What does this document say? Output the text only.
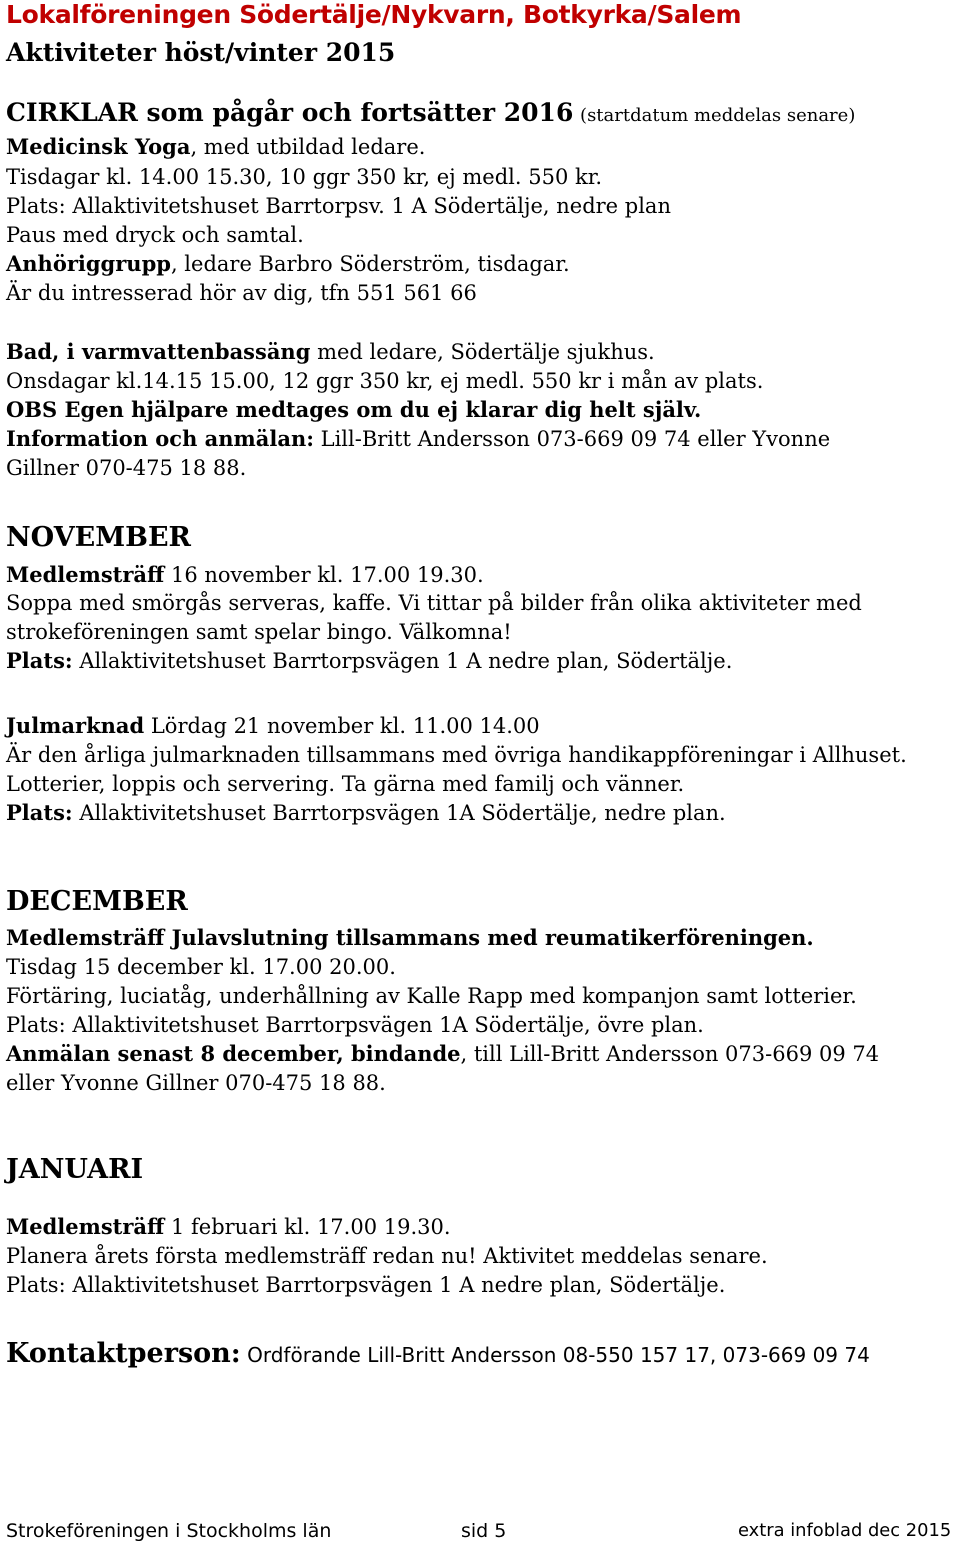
Lokalföreningen Södertälje/Nykvarn, Botkyrka/Salem
Aktiviteter höst/vinter 2015
CIRKLAR som pågår och fortsätter 2016 (startdatum meddelas senare)
Medicinsk Yoga, med utbildad ledare.
Tisdagar kl. 14.00 15.30, 10 ggr 350 kr, ej medl. 550 kr.
Plats: Allaktivitetshuset Barrtorpsv. 1 A Södertälje, nedre plan
Paus med dryck och samtal.
Anhöriggrupp, ledare Barbro Söderström, tisdagar.
Är du intresserad hör av dig, tfn 551 561 66
Bad, i varmvattenbassäng med ledare, Södertälje sjukhus.
Onsdagar kl.14.15 15.00, 12 ggr 350 kr, ej medl. 550 kr i mån av plats.
OBS Egen hjälpare medtages om du ej klarar dig helt själv.
Information och anmälan: Lill-Britt Andersson 073-669 09 74 eller Yvonne
Gillner 070-475 18 88.
NOVEMBER
Medlemsträff 16 november kl. 17.00 19.30.
Soppa med smörgås serveras, kaffe. Vi tittar på bilder från olika aktiviteter med
strokeföreningen samt spelar bingo. Välkomna!
Plats: Allaktivitetshuset Barrtorpsvägen 1 A nedre plan, Södertälje.
Julmarknad Lördag 21 november kl. 11.00 14.00
Är den årliga julmarknaden tillsammans med övriga handikappföreningar i Allhuset.
Lotterier, loppis och servering. Ta gärna med familj och vänner.
Plats: Allaktivitetshuset Barrtorpsvägen 1A Södertälje, nedre plan.
DECEMBER
Medlemsträff Julavslutning tillsammans med reumatikerföreningen.
Tisdag 15 december kl. 17.00 20.00.
Förtäring, luciatåg, underhållning av Kalle Rapp med kompanjon samt lotterier.
Plats: Allaktivitetshuset Barrtorpsvägen 1A Södertälje, övre plan.
Anmälan senast 8 december, bindande, till Lill-Britt Andersson 073-669 09 74
eller Yvonne Gillner 070-475 18 88.
JANUARI
Medlemsträff 1 februari kl. 17.00 19.30.
Planera årets första medlemsträff redan nu! Aktivitet meddelas senare.
Plats: Allaktivitetshuset Barrtorpsvägen 1 A nedre plan, Södertälje.
Kontaktperson: Ordförande Lill-Britt Andersson 08-550 157 17, 073-669 09 74
Strokeföreningen i Stockholms län	sid 5	extra infoblad dec 2015
